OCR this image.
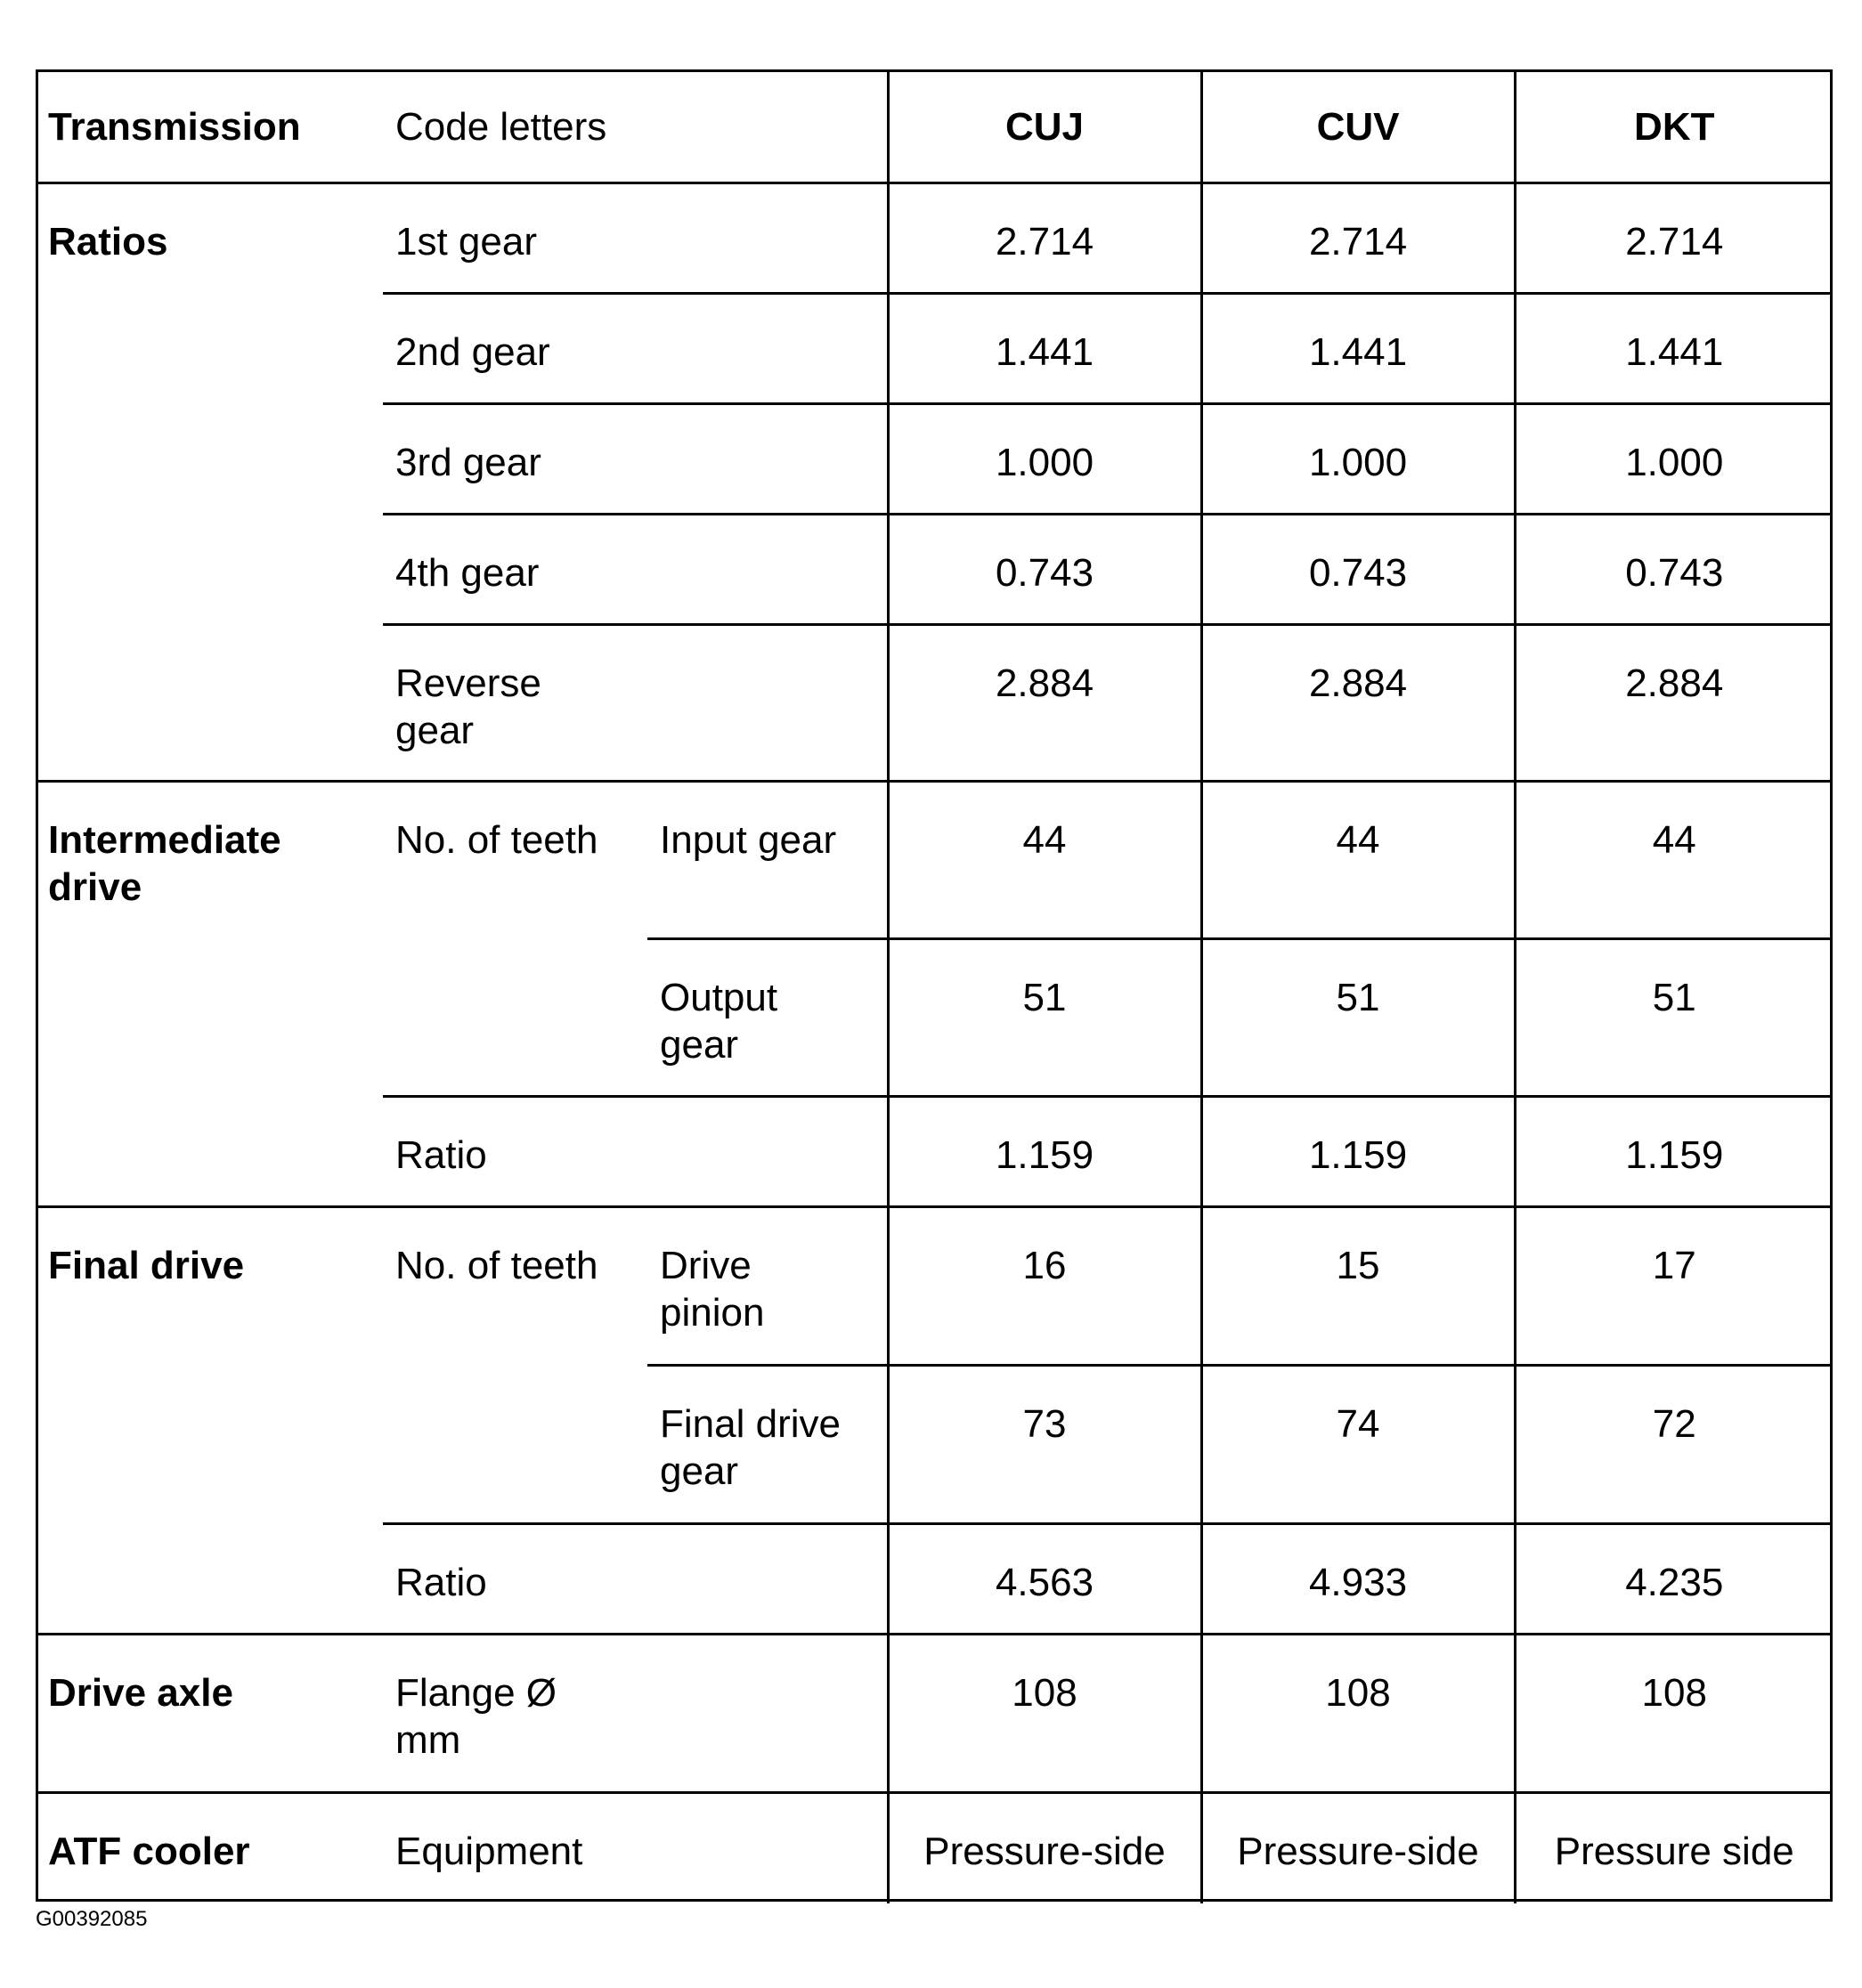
Transmission	Code letters		CUJ	CUV	DKT
Ratios	1st gear		2.714	2.714	2.714
	2nd gear		1.441	1.441	1.441
	3rd gear		1.000	1.000	1.000
	4th gear		0.743	0.743	0.743

	Reverse gear		2.884	2.884	2.884

Intermediate drive	No. of teeth	Input gear	44	44	44

		Output gear	51	51	51
	Ratio		1.159	1.159	1.159
Final drive	No. of teeth	Drive pinion	16	15	17

		Final drive gear	73	74	72
	Ratio		4.563	4.933	4.235
Drive axle	Flange Ø mm		108	108	108
ATF cooler	Equipment		Pressure-side	Pressure-side	Pressure side
G00392085
